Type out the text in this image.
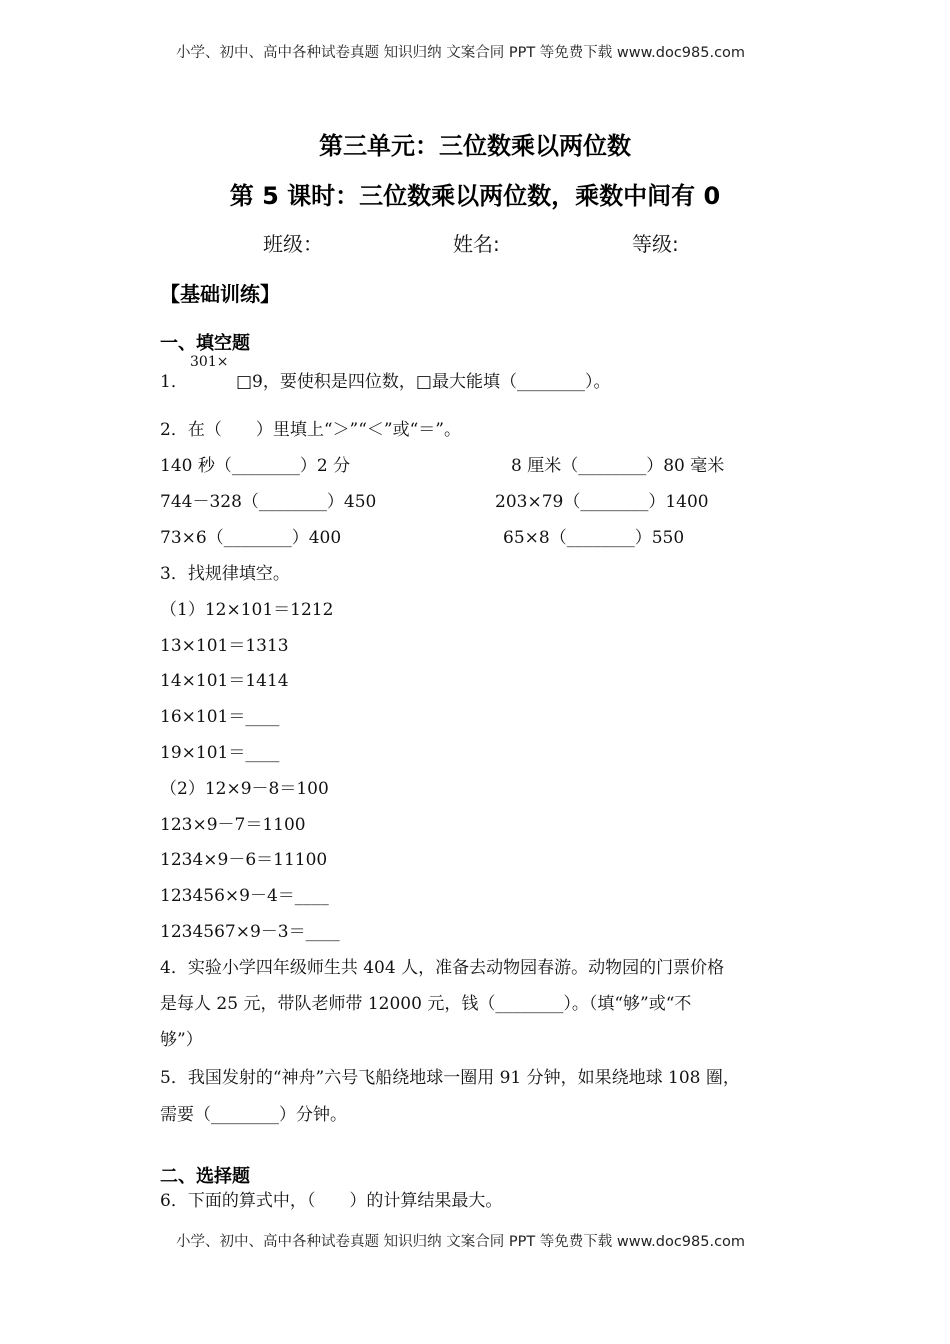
小学、初中、高中各种试卷真题 知识归纳 文案合同 PPT 等免费下载 www.doc985.com
第三单元：三位数乘以两位数
第 5 课时：三位数乘以两位数，乘数中间有 0
班级：	姓名:	等级:
【基础训练】
一、填空题
1．
301×
□9，要使积是四位数，□最大能填（________）。
2．在（　　）里填上“＞”“＜”或“＝”。
140 秒（________）2 分	8 厘米（________）80 毫米
744－328（________）450	203×79（________）1400
73×6（________）400	65×8（________）550
3．找规律填空。
（1）12×101＝1212
13×101＝1313
14×101＝1414
16×101＝____
19×101＝____
（2）12×9－8＝100
123×9－7＝1100
1234×9－6＝11100
123456×9－4＝____
1234567×9－3＝____
4．实验小学四年级师生共 404 人，准备去动物园春游。动物园的门票价格
是每人 25 元，带队老师带 12000 元，钱（________）。（填“够”或“不
够”）
5．我国发射的“神舟”六号飞船绕地球一圈用 91 分钟，如果绕地球 108 圈，
需要（________）分钟。
二、选择题
6．下面的算式中，（　　）的计算结果最大。
小学、初中、高中各种试卷真题 知识归纳 文案合同 PPT 等免费下载 www.doc985.com
